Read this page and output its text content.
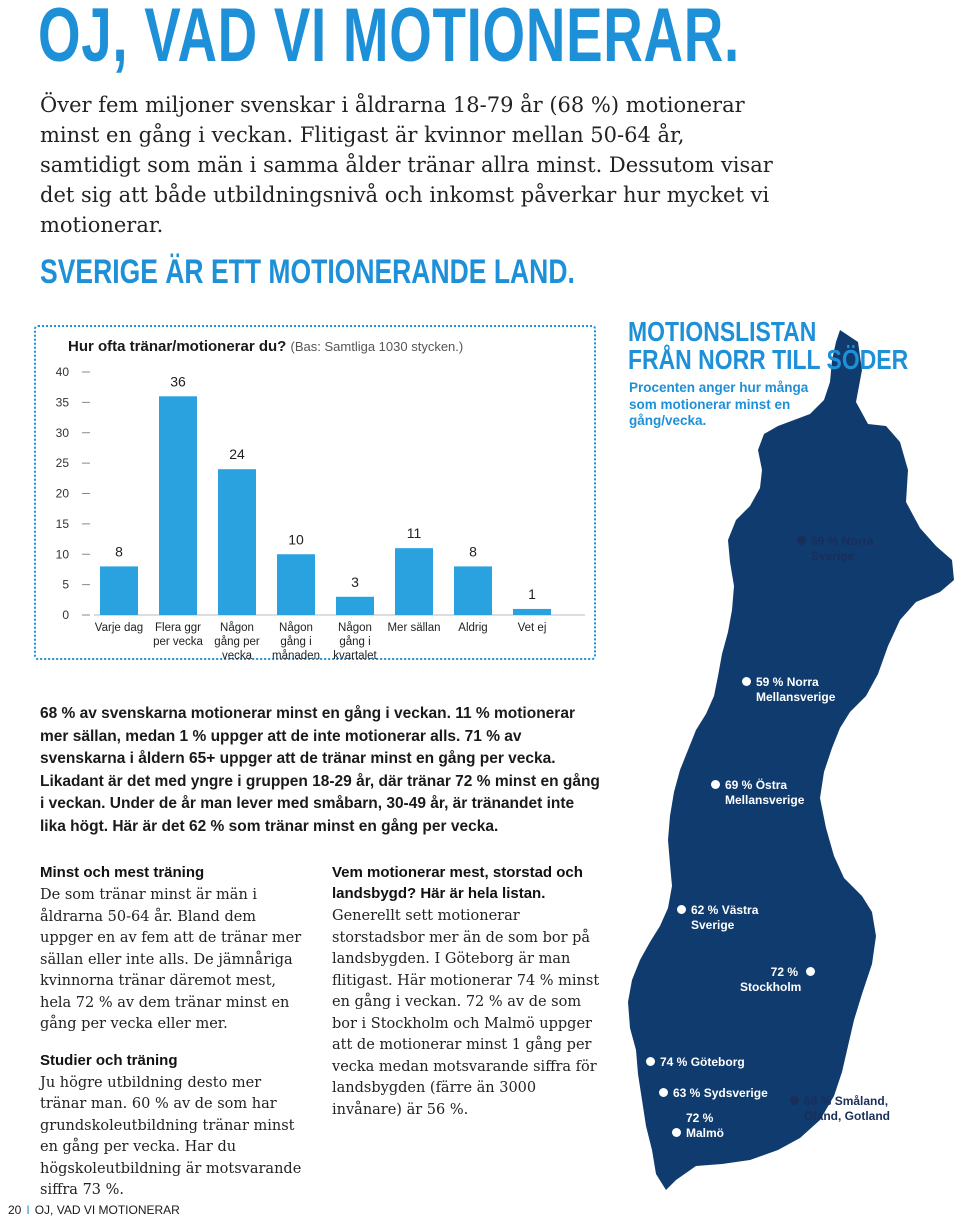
OJ, VAD VI MOTIONERAR.

Över fem miljoner svenskar i åldrarna 18-79 år (68 %) motionerar minst en gång i veckan. Flitigast är kvinnor mellan 50-64 år, samtidigt som män i samma ålder tränar allra minst. Dessutom visar det sig att både utbildningsnivå och inkomst påverkar hur mycket vi motionerar.

SVERIGE ÄR ETT MOTIONERANDE LAND.
Hur ofta tränar/motionerar du? (Bas: Samtliga 1030 stycken.)
0
5
10
15
20
25
30
35
40
8
Varje dag
36
Flera ggr
per vecka
24
Någon
gång per
vecka
10
Någon
gång i
månaden
3
Någon
gång i
kvartalet
11
Mer sällan
8
Aldrig
1
Vet ej

68 % av svenskarna motionerar minst en gång i veckan. 11 % motionerar mer sällan, medan 1 % uppger att de inte motionerar alls. 71 % av svenskarna i åldern 65+ uppger att de tränar minst en gång per vecka. Likadant är det med yngre i gruppen 18-29 år, där tränar 72 % minst en gång i veckan. Under de år man lever med småbarn, 30-49 år, är tränandet inte lika högt. Här är det 62 % som tränar minst en gång per vecka.

Minst och mest träning

De som tränar minst är män i åldrarna 50-64 år. Bland dem uppger en av fem att de tränar mer sällan eller inte alls. De jämnåriga kvinnorna tränar däremot mest, hela 72 % av dem tränar minst en gång per vecka eller mer.

Studier och träning

Ju högre utbildning desto mer tränar man. 60 % av de som har grundskoleutbildning tränar minst en gång per vecka. Har du högskoleutbildning är motsvarande siffra 73 %.

Vem motionerar mest, storstad och landsbygd? Här är hela listan.

Generellt sett motionerar storstadsbor mer än de som bor på landsbygden. I Göteborg är man flitigast. Här motionerar 74 % minst en gång i veckan. 72 % av de som bor i Stockholm och Malmö uppger att de motionerar minst 1 gång per vecka medan motsvarande siffra för landsbygden (färre än 3000 invånare) är 56 %.

MOTIONSLISTAN
FRÅN NORR TILL SÖDER

Procenten anger hur många som motionerar minst en gång/vecka.

69 % Norra
Sverige
59 % Norra
Mellansverige
69 % Östra
Mellansverige
62 % Västra
Sverige
72 %
Stockholm
74 % Göteborg
63 % Sydsverige
72 %
Malmö
68 % Småland,
Öland, Gotland
20 I OJ, VAD VI MOTIONERAR
